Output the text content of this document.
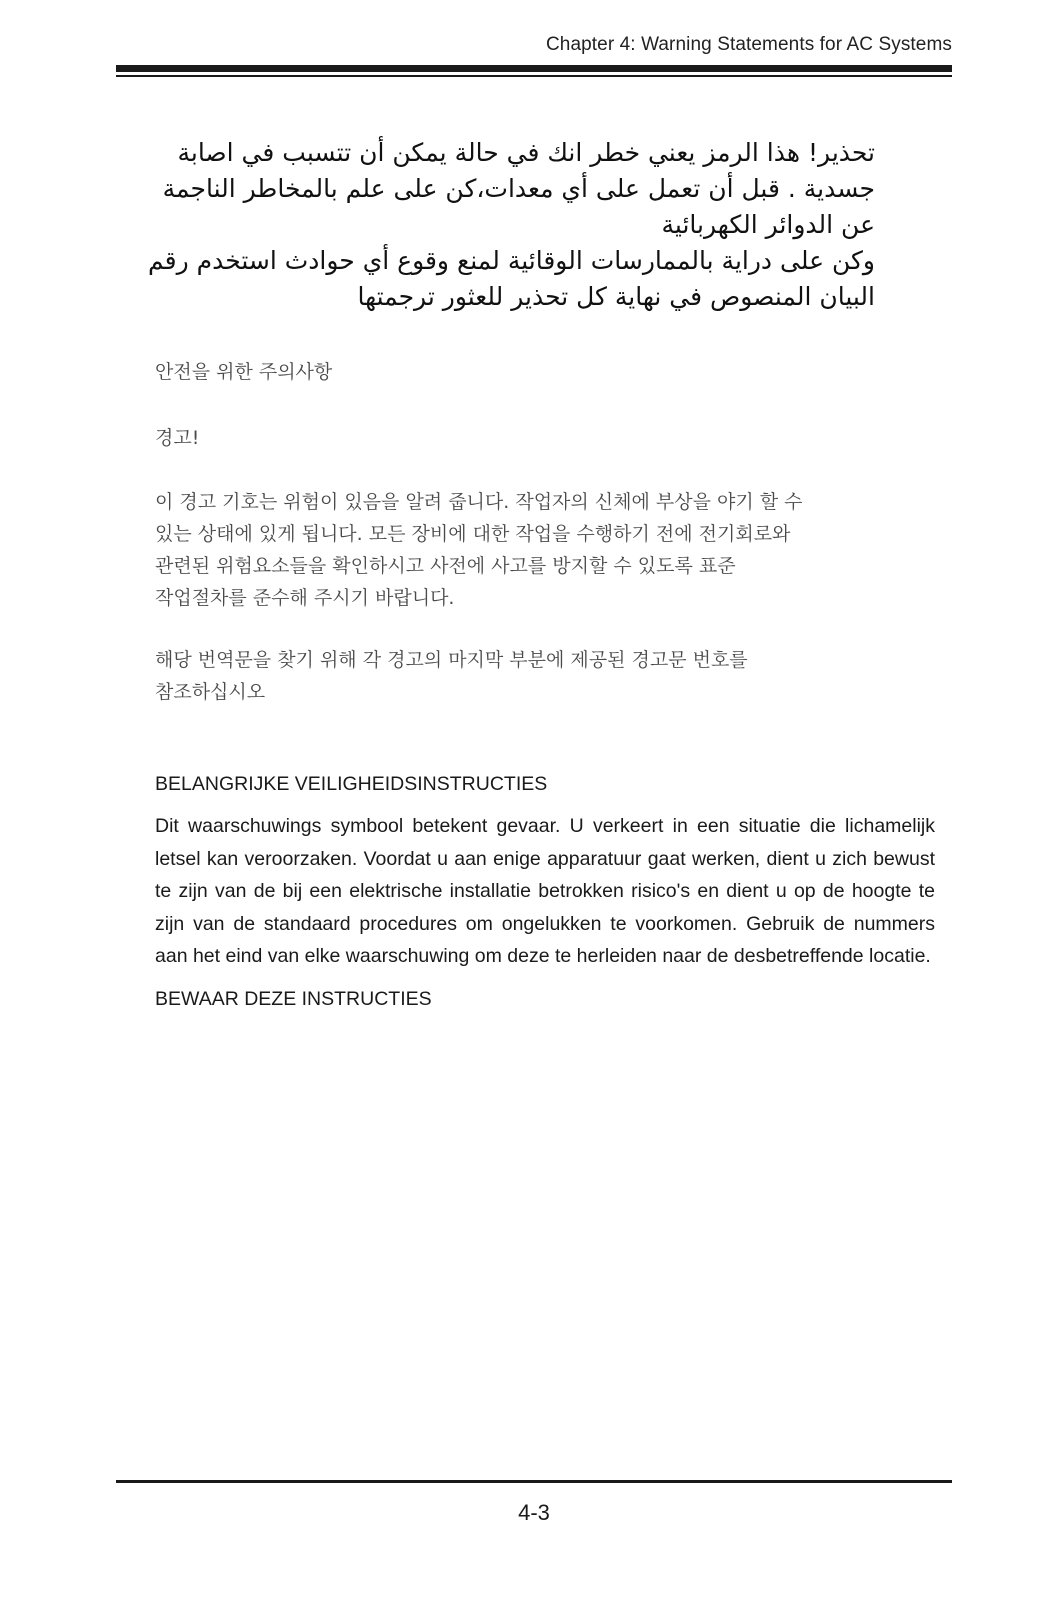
Chapter 4: Warning Statements for AC Systems

تحذير! هذا الرمز يعني خطر انك في حالة يمكن أن تتسبب في اصابة جسدية . قبل أن تعمل على أي معدات،كن على علم بالمخاطر الناجمة عن الدوائر الكهربائية

وكن على دراية بالممارسات الوقائية لمنع وقوع أي حوادث استخدم رقم البيان المنصوص في نهاية كل تحذير للعثور ترجمتها

안전을 위한 주의사항

경고!

이 경고 기호는 위험이 있음을 알려 줍니다. 작업자의 신체에 부상을 야기 할 수

있는 상태에 있게 됩니다. 모든 장비에 대한 작업을 수행하기 전에 전기회로와

관련된 위험요소들을 확인하시고 사전에 사고를 방지할 수 있도록 표준

작업절차를 준수해 주시기 바랍니다.

해당 번역문을 찾기 위해 각 경고의 마지막 부분에 제공된 경고문 번호를

참조하십시오

BELANGRIJKE VEILIGHEIDSINSTRUCTIES

Dit waarschuwings symbool betekent gevaar. U verkeert in een situatie die lichamelijk letsel kan veroorzaken. Voordat u aan enige apparatuur gaat werken, dient u zich bewust te zijn van de bij een elektrische installatie betrokken risico's en dient u op de hoogte te zijn van de standaard procedures om ongelukken te voorkomen. Gebruik de nummers aan het eind van elke waarschuwing om deze te herleiden naar de desbetreffende locatie.

BEWAAR DEZE INSTRUCTIES

4-3
